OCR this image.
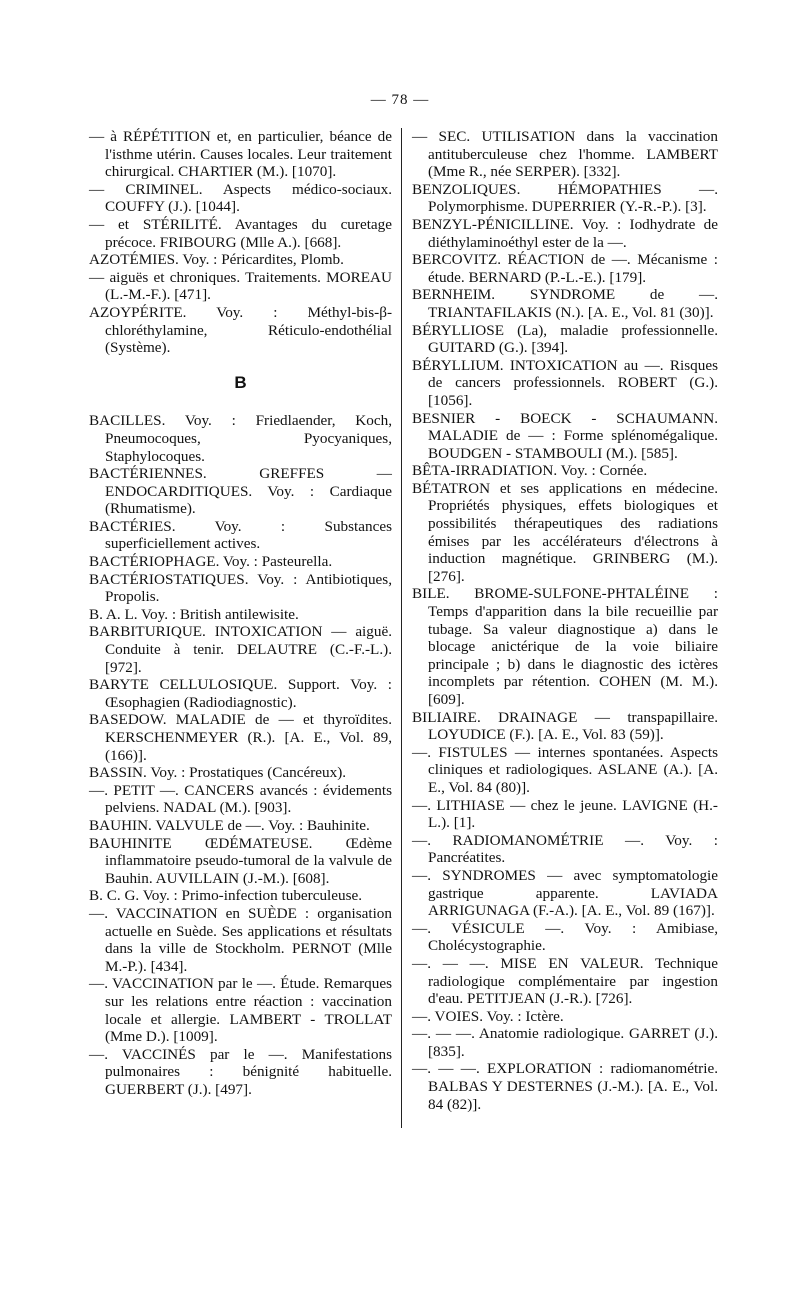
— 78 —

— à RÉPÉTITION et, en particulier, béance de l'isthme utérin. Causes locales. Leur traitement chirurgical. CHARTIER (M.). [1070].

— CRIMINEL. Aspects médico-sociaux. COUFFY (J.). [1044].

— et STÉRILITÉ. Avantages du curetage précoce. FRIBOURG (Mlle A.). [668].

AZOTÉMIES. Voy. : Péricardites, Plomb.

— aiguës et chroniques. Traitements. MOREAU (L.-M.-F.). [471].

AZOYPÉRITE. Voy. : Méthyl-bis-β-chloréthylamine, Réticulo-endothélial (Système).

B

BACILLES. Voy. : Friedlaender, Koch, Pneumocoques, Pyocyaniques, Staphylocoques.

BACTÉRIENNES. GREFFES — ENDOCARDITIQUES. Voy. : Cardiaque (Rhumatisme).

BACTÉRIES. Voy. : Substances superficiellement actives.

BACTÉRIOPHAGE. Voy. : Pasteurella.

BACTÉRIOSTATIQUES. Voy. : Antibiotiques, Propolis.

B. A. L. Voy. : British antilewisite.

BARBITURIQUE. INTOXICATION — aiguë. Conduite à tenir. DELAUTRE (C.-F.-L.). [972].

BARYTE CELLULOSIQUE. Support. Voy. : Œsophagien (Radiodiagnostic).

BASEDOW. MALADIE de — et thyroïdites. KERSCHENMEYER (R.). [A. E., Vol. 89, (166)].

BASSIN. Voy. : Prostatiques (Cancéreux).

—. PETIT —. CANCERS avancés : évidements pelviens. NADAL (M.). [903].

BAUHIN. VALVULE de —. Voy. : Bauhinite.

BAUHINITE ŒDÉMATEUSE. Œdème inflammatoire pseudo-tumoral de la valvule de Bauhin. AUVILLAIN (J.-M.). [608].

B. C. G. Voy. : Primo-infection tuberculeuse.

—. VACCINATION en SUÈDE : organisation actuelle en Suède. Ses applications et résultats dans la ville de Stockholm. PERNOT (Mlle M.-P.). [434].

—. VACCINATION par le —. Étude. Remarques sur les relations entre réaction : vaccination locale et allergie. LAMBERT - TROLLAT (Mme D.). [1009].

—. VACCINÉS par le —. Manifestations pulmonaires : bénignité habituelle. GUERBERT (J.). [497].

— SEC. UTILISATION dans la vaccination antituberculeuse chez l'homme. LAMBERT (Mme R., née SERPER). [332].

BENZOLIQUES. HÉMOPATHIES —. Polymorphisme. DUPERRIER (Y.-R.-P.). [3].

BENZYL-PÉNICILLINE. Voy. : Iodhydrate de diéthylaminoéthyl ester de la —.

BERCOVITZ. RÉACTION de —. Mécanisme : étude. BERNARD (P.-L.-E.). [179].

BERNHEIM. SYNDROME de —. TRIANTAFILAKIS (N.). [A. E., Vol. 81 (30)].

BÉRYLLIOSE (La), maladie professionnelle. GUITARD (G.). [394].

BÉRYLLIUM. INTOXICATION au —. Risques de cancers professionnels. ROBERT (G.). [1056].

BESNIER - BOECK - SCHAUMANN. MALADIE de — : Forme splénomégalique. BOUDGEN - STAMBOULI (M.). [585].

BÊTA-IRRADIATION. Voy. : Cornée.

BÉTATRON et ses applications en médecine. Propriétés physiques, effets biologiques et possibilités thérapeutiques des radiations émises par les accélérateurs d'électrons à induction magnétique. GRINBERG (M.). [276].

BILE. BROME-SULFONE-PHTALÉINE : Temps d'apparition dans la bile recueillie par tubage. Sa valeur diagnostique a) dans le blocage anictérique de la voie biliaire principale ; b) dans le diagnostic des ictères incomplets par rétention. COHEN (M. M.). [609].

BILIAIRE. DRAINAGE — transpapillaire. LOYUDICE (F.). [A. E., Vol. 83 (59)].

—. FISTULES — internes spontanées. Aspects cliniques et radiologiques. ASLANE (A.). [A. E., Vol. 84 (80)].

—. LITHIASE — chez le jeune. LAVIGNE (H.-L.). [1].

—. RADIOMANOMÉTRIE —. Voy. : Pancréatites.

—. SYNDROMES — avec symptomatologie gastrique apparente. LAVIADA ARRIGUNAGA (F.-A.). [A. E., Vol. 89 (167)].

—. VÉSICULE —. Voy. : Amibiase, Cholécystographie.

—. — —. MISE EN VALEUR. Technique radiologique complémentaire par ingestion d'eau. PETITJEAN (J.-R.). [726].

—. VOIES. Voy. : Ictère.

—. — —. Anatomie radiologique. GARRET (J.). [835].

—. — —. EXPLORATION : radiomanométrie. BALBAS Y DESTERNES (J.-M.). [A. E., Vol. 84 (82)].
